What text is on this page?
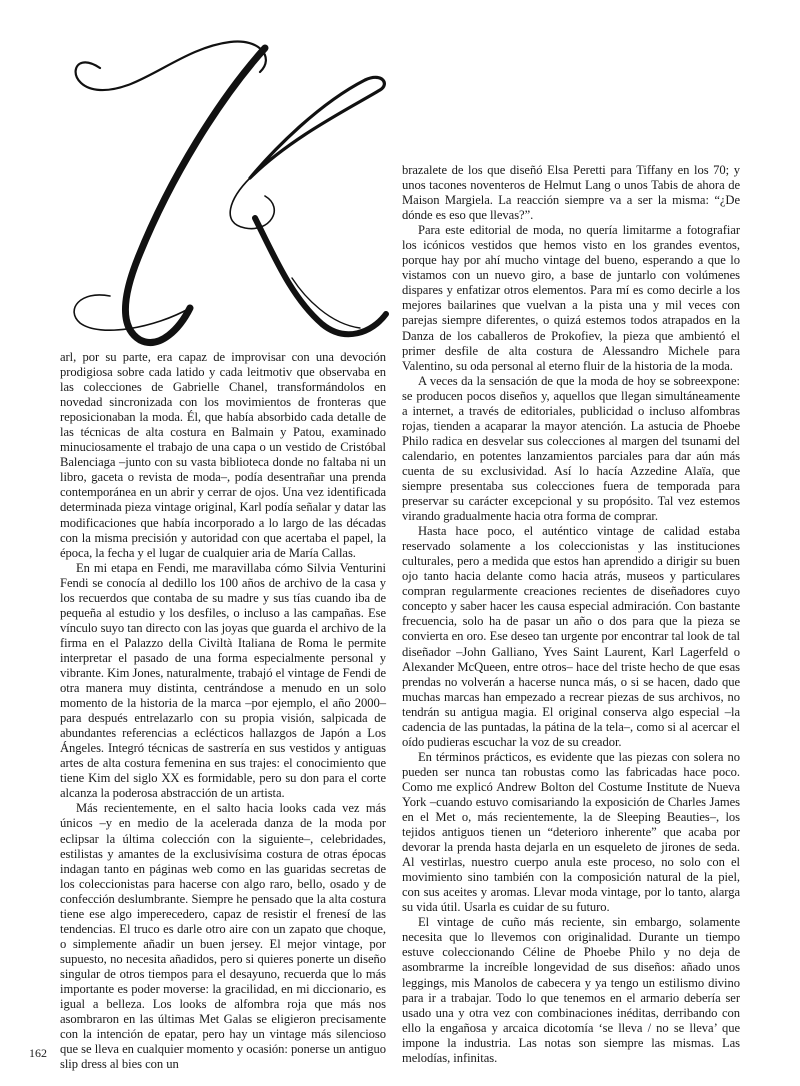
arl, por su parte, era capaz de improvisar con una devoción prodigiosa sobre cada latido y cada leitmotiv que observaba en las colecciones de Gabrielle Chanel, transformándolos en novedad sincronizada con los movimientos de fronteras que reposicionaban la moda. Él, que había absorbido cada detalle de las técnicas de alta costura en Balmain y Patou, examinado minuciosamente el trabajo de una capa o un vestido de Cristóbal Balenciaga –junto con su vasta biblioteca donde no faltaba ni un libro, gaceta o revista de moda–, podía desentrañar una prenda contemporánea en un abrir y cerrar de ojos. Una vez identificada determinada pieza vintage original, Karl podía señalar y datar las modificaciones que había incorporado a lo largo de las décadas con la misma precisión y autoridad con que acertaba el papel, la época, la fecha y el lugar de cualquier aria de María Callas.

En mi etapa en Fendi, me maravillaba cómo Silvia Venturini Fendi se conocía al dedillo los 100 años de archivo de la casa y los recuerdos que contaba de su madre y sus tías cuando iba de pequeña al estudio y los desfiles, o incluso a las campañas. Ese vínculo suyo tan directo con las joyas que guarda el archivo de la firma en el Palazzo della Civiltà Italiana de Roma le permite interpretar el pasado de una forma especialmente personal y vibrante. Kim Jones, naturalmente, trabajó el vintage de Fendi de otra manera muy distinta, centrándose a menudo en un solo momento de la historia de la marca –por ejemplo, el año 2000– para después entrelazarlo con su propia visión, salpicada de abundantes referencias a eclécticos hallazgos de Japón a Los Ángeles. Integró técnicas de sastrería en sus vestidos y antiguas artes de alta costura femenina en sus trajes: el conocimiento que tiene Kim del siglo XX es formidable, pero su don para el corte alcanza la poderosa abstracción de un artista.

Más recientemente, en el salto hacia looks cada vez más únicos –y en medio de la acelerada danza de la moda por eclipsar la última colección con la siguiente–, celebridades, estilistas y amantes de la exclusivísima costura de otras épocas indagan tanto en páginas web como en las guaridas secretas de los coleccionistas para hacerse con algo raro, bello, osado y de confección deslumbrante. Siempre he pensado que la alta costura tiene ese algo imperecedero, capaz de resistir el frenesí de las tendencias. El truco es darle otro aire con un zapato que choque, o simplemente añadir un buen jersey. El mejor vintage, por supuesto, no necesita añadidos, pero si quieres ponerte un diseño singular de otros tiempos para el desayuno, recuerda que lo más importante es poder moverse: la gracilidad, en mi diccionario, es igual a belleza. Los looks de alfombra roja que más nos asombraron en las últimas Met Galas se eligieron precisamente con la intención de epatar, pero hay un vintage más silencioso que se lleva en cualquier momento y ocasión: ponerse un antiguo slip dress al bies con un

brazalete de los que diseñó Elsa Peretti para Tiffany en los 70; y unos tacones noventeros de Helmut Lang o unos Tabis de ahora de Maison Margiela. La reacción siempre va a ser la misma: “¿De dónde es eso que llevas?”.

Para este editorial de moda, no quería limitarme a fotografiar los icónicos vestidos que hemos visto en los grandes eventos, porque hay por ahí mucho vintage del bueno, esperando a que lo vistamos con un nuevo giro, a base de juntarlo con volúmenes dispares y enfatizar otros elementos. Para mí es como decirle a los mejores bailarines que vuelvan a la pista una y mil veces con parejas siempre diferentes, o quizá estemos todos atrapados en la Danza de los caballeros de Prokofiev, la pieza que ambientó el primer desfile de alta costura de Alessandro Michele para Valentino, su oda personal al eterno fluir de la historia de la moda.

A veces da la sensación de que la moda de hoy se sobreexpone: se producen pocos diseños y, aquellos que llegan simultáneamente a internet, a través de editoriales, publicidad o incluso alfombras rojas, tienden a acaparar la mayor atención. La astucia de Phoebe Philo radica en desvelar sus colecciones al margen del tsunami del calendario, en potentes lanzamientos parciales para dar aún más cuenta de su exclusividad. Así lo hacía Azzedine Alaïa, que siempre presentaba sus colecciones fuera de temporada para preservar su carácter excepcional y su propósito. Tal vez estemos virando gradualmente hacia otra forma de comprar.

Hasta hace poco, el auténtico vintage de calidad estaba reservado solamente a los coleccionistas y las instituciones culturales, pero a medida que estos han aprendido a dirigir su buen ojo tanto hacia delante como hacia atrás, museos y particulares compran regularmente creaciones recientes de diseñadores cuyo concepto y saber hacer les causa especial admiración. Con bastante frecuencia, solo ha de pasar un año o dos para que la pieza se convierta en oro. Ese deseo tan urgente por encontrar tal look de tal diseñador –John Galliano, Yves Saint Laurent, Karl Lagerfeld o Alexander McQueen, entre otros– hace del triste hecho de que esas prendas no volverán a hacerse nunca más, o si se hacen, dado que muchas marcas han empezado a recrear piezas de sus archivos, no tendrán su antigua magia. El original conserva algo especial –la cadencia de las puntadas, la pátina de la tela–, como si al acercar el oído pudieras escuchar la voz de su creador.

En términos prácticos, es evidente que las piezas con solera no pueden ser nunca tan robustas como las fabricadas hace poco. Como me explicó Andrew Bolton del Costume Institute de Nueva York –cuando estuvo comisariando la exposición de Charles James en el Met o, más recientemente, la de Sleeping Beauties–, los tejidos antiguos tienen un “deterioro inherente” que acaba por devorar la prenda hasta dejarla en un esqueleto de jirones de seda. Al vestirlas, nuestro cuerpo anula este proceso, no solo con el movimiento sino también con la composición natural de la piel, con sus aceites y aromas. Llevar moda vintage, por lo tanto, alarga su vida útil. Usarla es cuidar de su futuro.

El vintage de cuño más reciente, sin embargo, solamente necesita que lo llevemos con originalidad. Durante un tiempo estuve coleccionando Céline de Phoebe Philo y no deja de asombrarme la increíble longevidad de sus diseños: añado unos leggings, mis Manolos de cabecera y ya tengo un estilismo divino para ir a trabajar. Todo lo que tenemos en el armario debería ser usado una y otra vez con combinaciones inéditas, derribando con ello la engañosa y arcaica dicotomía ‘se lleva / no se lleva’ que impone la industria. Las notas son siempre las mismas. Las melodías, infinitas.

162
